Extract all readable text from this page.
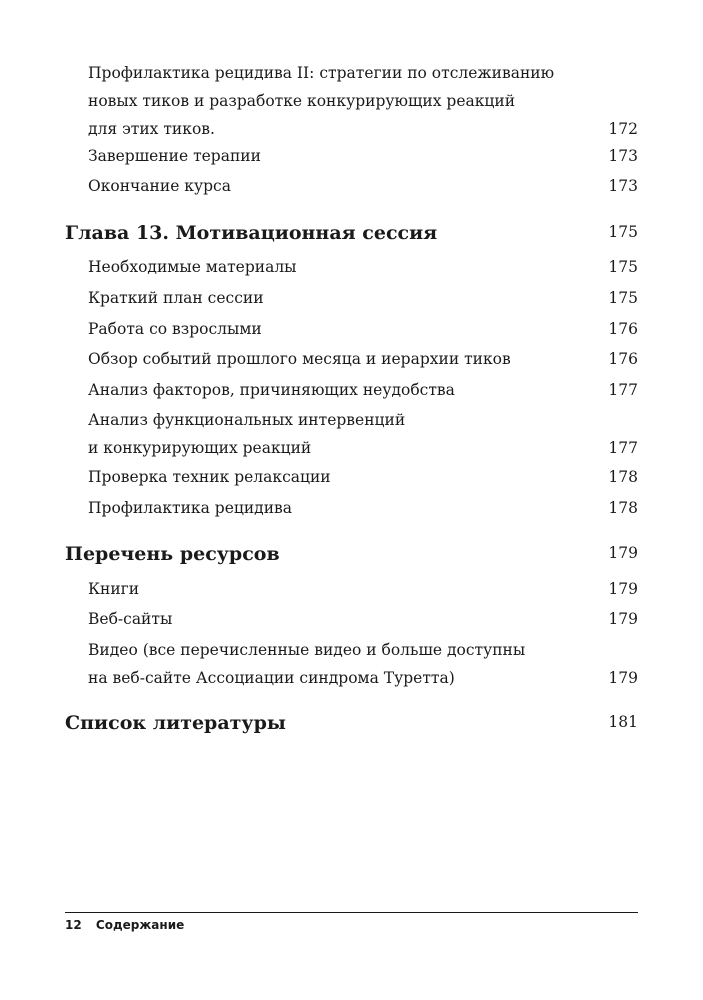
Профилактика рецидива II: стратегии по отслеживанию
новых тиков и разработке конкурирующих реакций
для этих тиков.	172
Завершение терапии	173
Окончание курса	173
Глава 13. Мотивационная сессия	175
Необходимые материалы	175
Краткий план сессии	175
Работа со взрослыми	176
Обзор событий прошлого месяца и иерархии тиков	176
Анализ факторов, причиняющих неудобства	177
Анализ функциональных интервенций
и конкурирующих реакций	177
Проверка техник релаксации	178
Профилактика рецидива	178
Перечень ресурсов	179
Книги	179
Веб-сайты	179
Видео (все перечисленные видео и больше доступны
на веб-сайте Ассоциации синдрома Туретта)	179
Список литературы	181
12 Содержание
